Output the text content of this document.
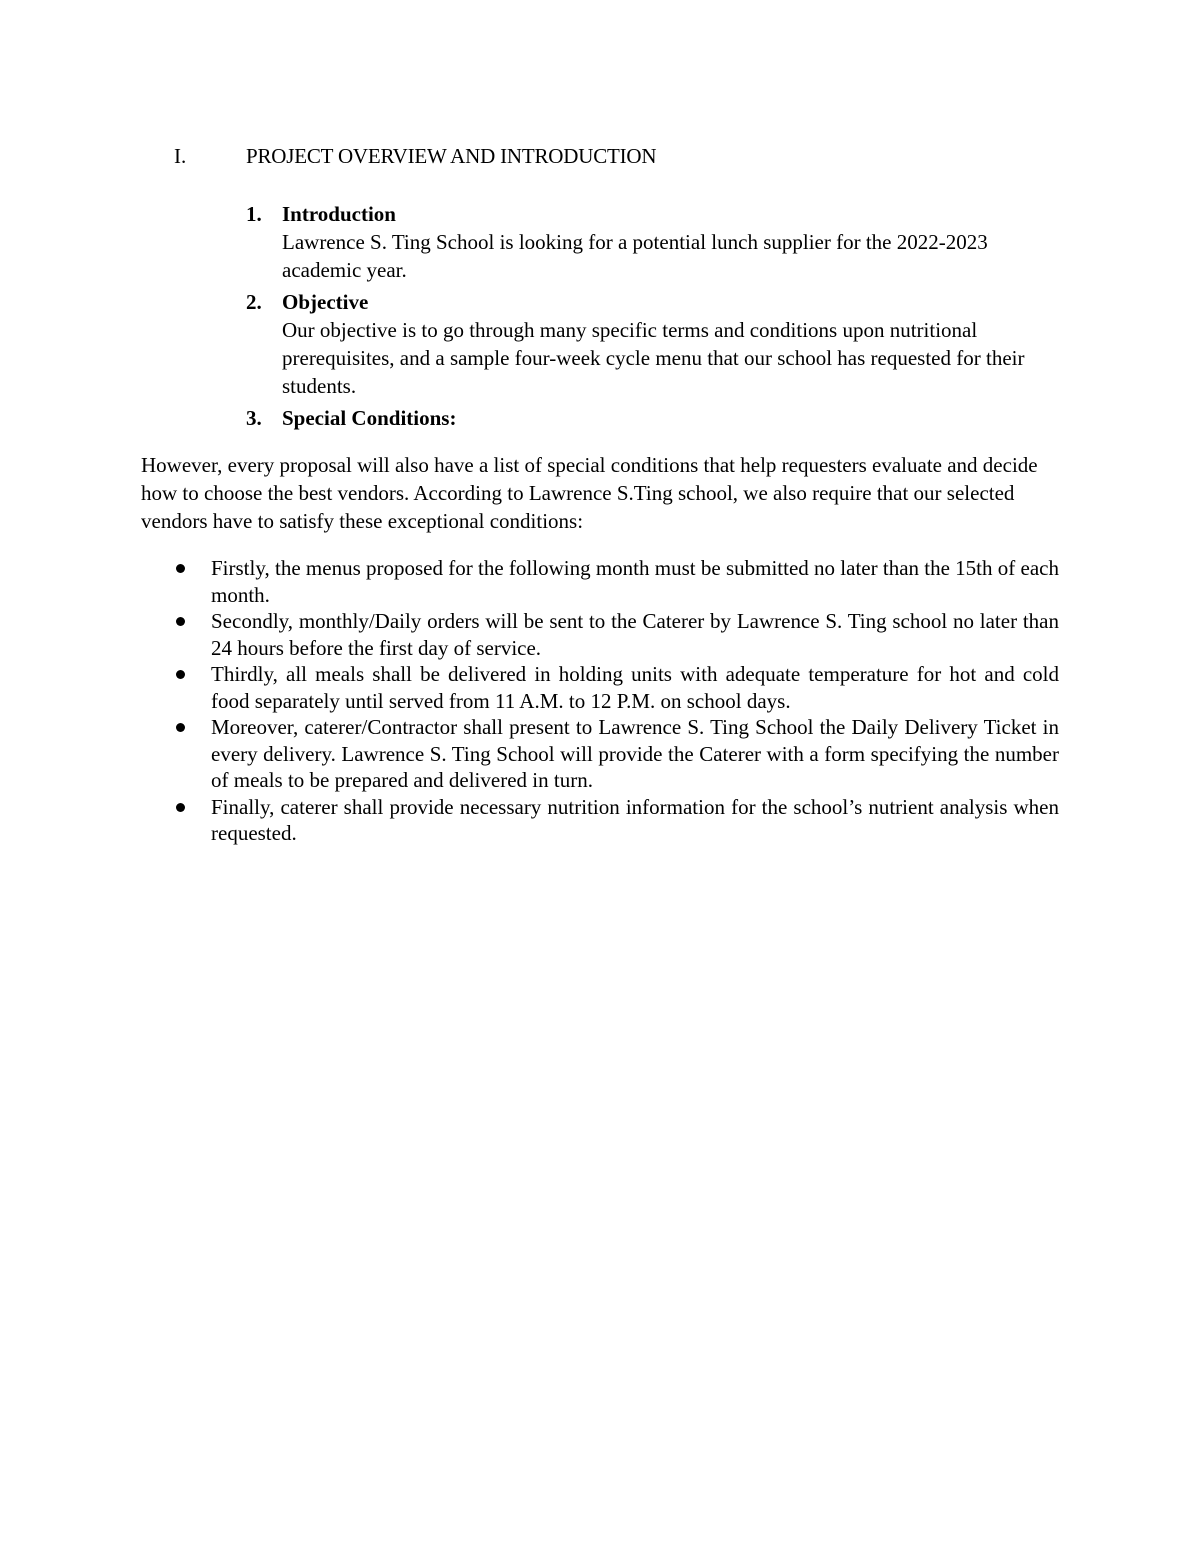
I.	PROJECT OVERVIEW AND INTRODUCTION
1. Introduction
Lawrence S. Ting School is looking for a potential lunch supplier for the 2022-2023 academic year.
2. Objective
Our objective is to go through many specific terms and conditions upon nutritional prerequisites, and a sample four-week cycle menu that our school has requested for their students.
3. Special Conditions:

However, every proposal will also have a list of special conditions that help requesters evaluate and decide how to choose the best vendors. According to Lawrence S.Ting school, we also require that our selected vendors have to satisfy these exceptional conditions:

Firstly, the menus proposed for the following month must be submitted no later than the 15th of each month.
Secondly, monthly/Daily orders will be sent to the Caterer by Lawrence S. Ting school no later than 24 hours before the first day of service.
Thirdly, all meals shall be delivered in holding units with adequate temperature for hot and cold food separately until served from 11 A.M. to 12 P.M. on school days.
Moreover, caterer/Contractor shall present to Lawrence S. Ting School the Daily Delivery Ticket in every delivery. Lawrence S. Ting School will provide the Caterer with a form specifying the number of meals to be prepared and delivered in turn.
Finally, caterer shall provide necessary nutrition information for the school’s nutrient analysis when requested.
